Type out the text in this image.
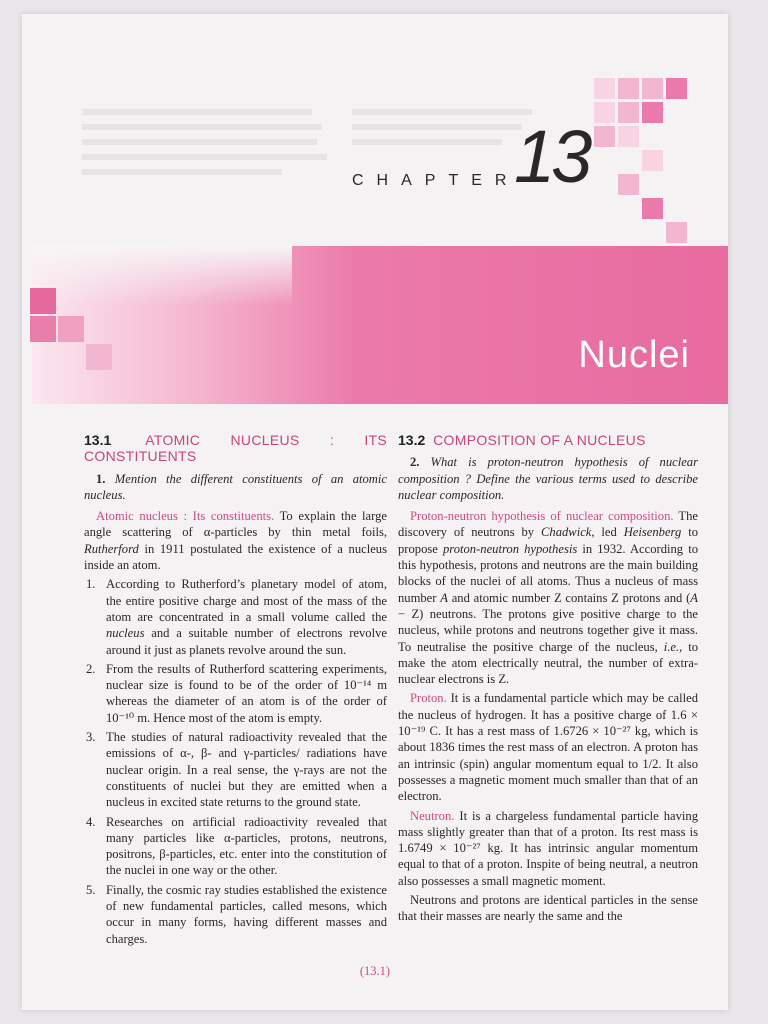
CHAPTER
13
Nuclei
13.1 ATOMIC NUCLEUS : ITS CONSTITUENTS

1. Mention the different constituents of an atomic nucleus.

Atomic nucleus : Its constituents. To explain the large angle scattering of α-particles by thin metal foils, Rutherford in 1911 postulated the existence of a nucleus inside an atom.

1. According to Rutherford’s planetary model of atom, the entire positive charge and most of the mass of the atom are concentrated in a small volume called the nucleus and a suitable number of electrons revolve around it just as planets revolve around the sun.
2. From the results of Rutherford scattering experiments, nuclear size is found to be of the order of 10⁻¹⁴ m whereas the diameter of an atom is of the order of 10⁻¹⁰ m. Hence most of the atom is empty.
3. The studies of natural radioactivity revealed that the emissions of α-, β- and γ-particles/ radiations have nuclear origin. In a real sense, the γ-rays are not the constituents of nuclei but they are emitted when a nucleus in excited state returns to the ground state.
4. Researches on artificial radioactivity revealed that many particles like α-particles, protons, neutrons, positrons, β-particles, etc. enter into the constitution of the nuclei in one way or the other.
5. Finally, the cosmic ray studies established the existence of new fundamental particles, called mesons, which occur in many forms, having different masses and charges.
13.2 COMPOSITION OF A NUCLEUS

2. What is proton-neutron hypothesis of nuclear composition ? Define the various terms used to describe nuclear composition.

Proton-neutron hypothesis of nuclear composition. The discovery of neutrons by Chadwick, led Heisenberg to propose proton-neutron hypothesis in 1932. According to this hypothesis, protons and neutrons are the main building blocks of the nuclei of all atoms. Thus a nucleus of mass number A and atomic number Z contains Z protons and (A − Z) neutrons. The protons give positive charge to the nucleus, while protons and neutrons together give it mass. To neutralise the positive charge of the nucleus, i.e., to make the atom electrically neutral, the number of extra-nuclear electrons is Z.

Proton. It is a fundamental particle which may be called the nucleus of hydrogen. It has a positive charge of 1.6 × 10⁻¹⁹ C. It has a rest mass of 1.6726 × 10⁻²⁷ kg, which is about 1836 times the rest mass of an electron. A proton has an intrinsic (spin) angular momentum equal to 1/2. It also possesses a magnetic moment much smaller than that of an electron.

Neutron. It is a chargeless fundamental particle having mass slightly greater than that of a proton. Its rest mass is 1.6749 × 10⁻²⁷ kg. It has intrinsic angular momentum equal to that of a proton. Inspite of being neutral, a neutron also possesses a small magnetic moment.

Neutrons and protons are identical particles in the sense that their masses are nearly the same and the

(13.1)
